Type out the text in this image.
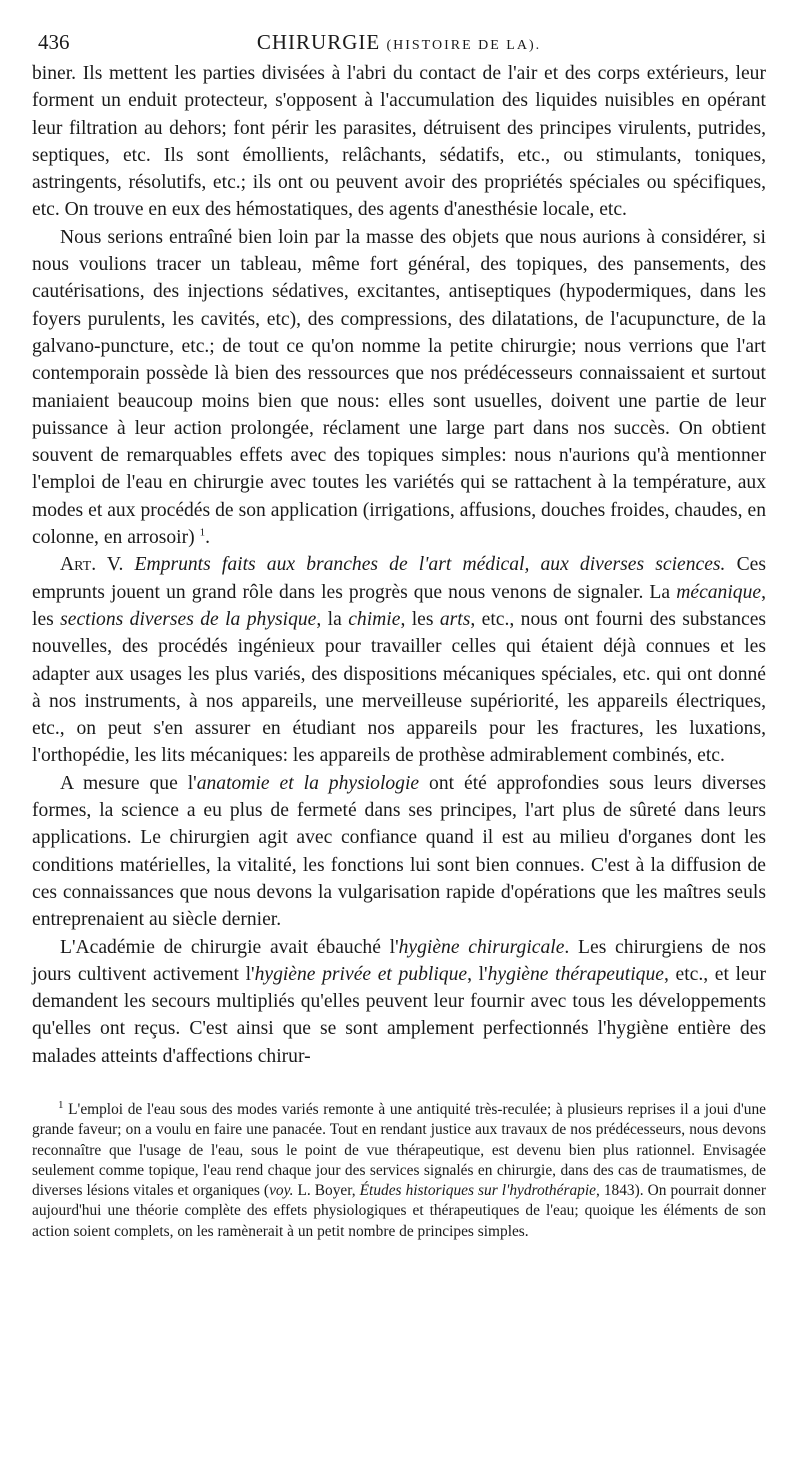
436	CHIRURGIE (HISTOIRE DE LA).

biner. Ils mettent les parties divisées à l'abri du contact de l'air et des corps extérieurs, leur forment un enduit protecteur, s'opposent à l'accumulation des liquides nuisibles en opérant leur filtration au dehors; font périr les parasites, détruisent des principes virulents, putrides, septiques, etc. Ils sont émollients, relâchants, sédatifs, etc., ou stimulants, toniques, astringents, résolutifs, etc.; ils ont ou peuvent avoir des propriétés spéciales ou spécifiques, etc. On trouve en eux des hémostatiques, des agents d'anesthésie locale, etc.

Nous serions entraîné bien loin par la masse des objets que nous aurions à considérer, si nous voulions tracer un tableau, même fort général, des topiques, des pansements, des cautérisations, des injections sédatives, excitantes, antiseptiques (hypodermiques, dans les foyers purulents, les cavités, etc), des compressions, des dilatations, de l'acupuncture, de la galvano-puncture, etc.; de tout ce qu'on nomme la petite chirurgie; nous verrions que l'art contemporain possède là bien des ressources que nos prédécesseurs connaissaient et surtout maniaient beaucoup moins bien que nous: elles sont usuelles, doivent une partie de leur puissance à leur action prolongée, réclament une large part dans nos succès. On obtient souvent de remarquables effets avec des topiques simples: nous n'aurions qu'à mentionner l'emploi de l'eau en chirurgie avec toutes les variétés qui se rattachent à la température, aux modes et aux procédés de son application (irrigations, affusions, douches froides, chaudes, en colonne, en arrosoir) $^1$.

Art. V. Emprunts faits aux branches de l'art médical, aux diverses sciences. Ces emprunts jouent un grand rôle dans les progrès que nous venons de signaler. La mécanique, les sections diverses de la physique, la chimie, les arts, etc., nous ont fourni des substances nouvelles, des procédés ingénieux pour travailler celles qui étaient déjà connues et les adapter aux usages les plus variés, des dispositions mécaniques spéciales, etc. qui ont donné à nos instruments, à nos appareils, une merveilleuse supériorité, les appareils électriques, etc., on peut s'en assurer en étudiant nos appareils pour les fractures, les luxations, l'orthopédie, les lits mécaniques: les appareils de prothèse admirablement combinés, etc.

A mesure que l'anatomie et la physiologie ont été approfondies sous leurs diverses formes, la science a eu plus de fermeté dans ses principes, l'art plus de sûreté dans leurs applications. Le chirurgien agit avec confiance quand il est au milieu d'organes dont les conditions matérielles, la vitalité, les fonctions lui sont bien connues. C'est à la diffusion de ces connaissances que nous devons la vulgarisation rapide d'opérations que les maîtres seuls entreprenaient au siècle dernier.

L'Académie de chirurgie avait ébauché l'hygiène chirurgicale. Les chirurgiens de nos jours cultivent activement l'hygiène privée et publique, l'hygiène thérapeutique, etc., et leur demandent les secours multipliés qu'elles peuvent leur fournir avec tous les développements qu'elles ont reçus. C'est ainsi que se sont amplement perfectionnés l'hygiène entière des malades atteints d'affections chirur-

$^1$ L'emploi de l'eau sous des modes variés remonte à une antiquité très-reculée; à plusieurs reprises il a joui d'une grande faveur; on a voulu en faire une panacée. Tout en rendant justice aux travaux de nos prédécesseurs, nous devons reconnaître que l'usage de l'eau, sous le point de vue thérapeutique, est devenu bien plus rationnel. Envisagée seulement comme topique, l'eau rend chaque jour des services signalés en chirurgie, dans des cas de traumatismes, de diverses lésions vitales et organiques (voy. L. Boyer, Études historiques sur l'hydrothérapie, 1843). On pourrait donner aujourd'hui une théorie complète des effets physiologiques et thérapeutiques de l'eau; quoique les éléments de son action soient complets, on les ramènerait à un petit nombre de principes simples.
